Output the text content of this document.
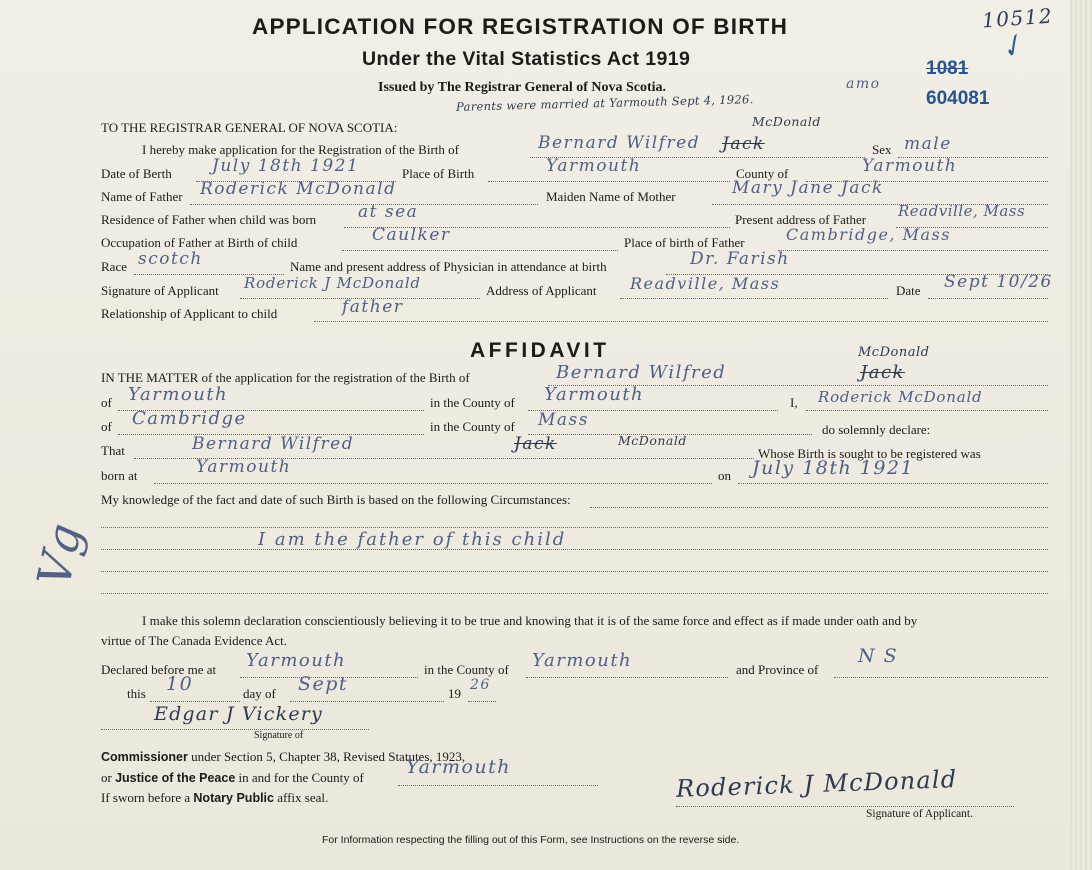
APPLICATION FOR REGISTRATION OF BIRTH
Under the Vital Statistics Act 1919
Issued by The Registrar General of Nova Scotia.
10512
1081
✓
604081
amo
Parents were married at Yarmouth Sept 4, 1926.
TO THE REGISTRAR GENERAL OF NOVA SCOTIA:
I hereby make application for the Registration of the Birth of	Bernard Wilfred Jack
McDonald
Sex male
Date of Berth July 18th 1921	Place of Birth	Yarmouth	County of	Yarmouth
Name of Father Roderick McDonald	Maiden Name of Mother	Mary Jane Jack
Residence of Father when child was born at sea	Present address of Father Readville, Mass
Occupation of Father at Birth of child	Caulker	Place of birth of Father	Cambridge, Mass
Race scotch	Name and present address of Physician in attendance at birth	Dr. Farish
Signature of Applicant Roderick J McDonald	Address of Applicant Readville, Mass	Date Sept 10/26
Relationship of Applicant to child	father
AFFIDAVIT
IN THE MATTER of the application for the registration of the Birth of	Bernard Wilfred	Jack
McDonald
of Yarmouth	in the County of Yarmouth	I, Roderick McDonald
of Cambridge	in the County of Mass	do solemnly declare:
That	Bernard Wilfred	Jack	McDonald
Whose Birth is sought to be registered was
born at	Yarmouth	on July 18th 1921
My knowledge of the fact and date of such Birth is based on the following Circumstances:
I am the father of this child
Vg
I make this solemn declaration conscientiously believing it to be true and knowing that it is of the same force and effect as if made under oath and by
virtue of The Canada Evidence Act.
Declared before me at Yarmouth	in the County of Yarmouth	and Province of
N S
this 10	day of Sept	19
26
Edgar J Vickery
Signature of
Commissioner under Section 5, Chapter 38, Revised Statutes, 1923,
or Justice of the Peace in and for the County of Yarmouth
If sworn before a Notary Public affix seal.	Roderick J McDonald
Signature of Applicant.
For Information respecting the filling out of this Form, see Instructions on the reverse side.
